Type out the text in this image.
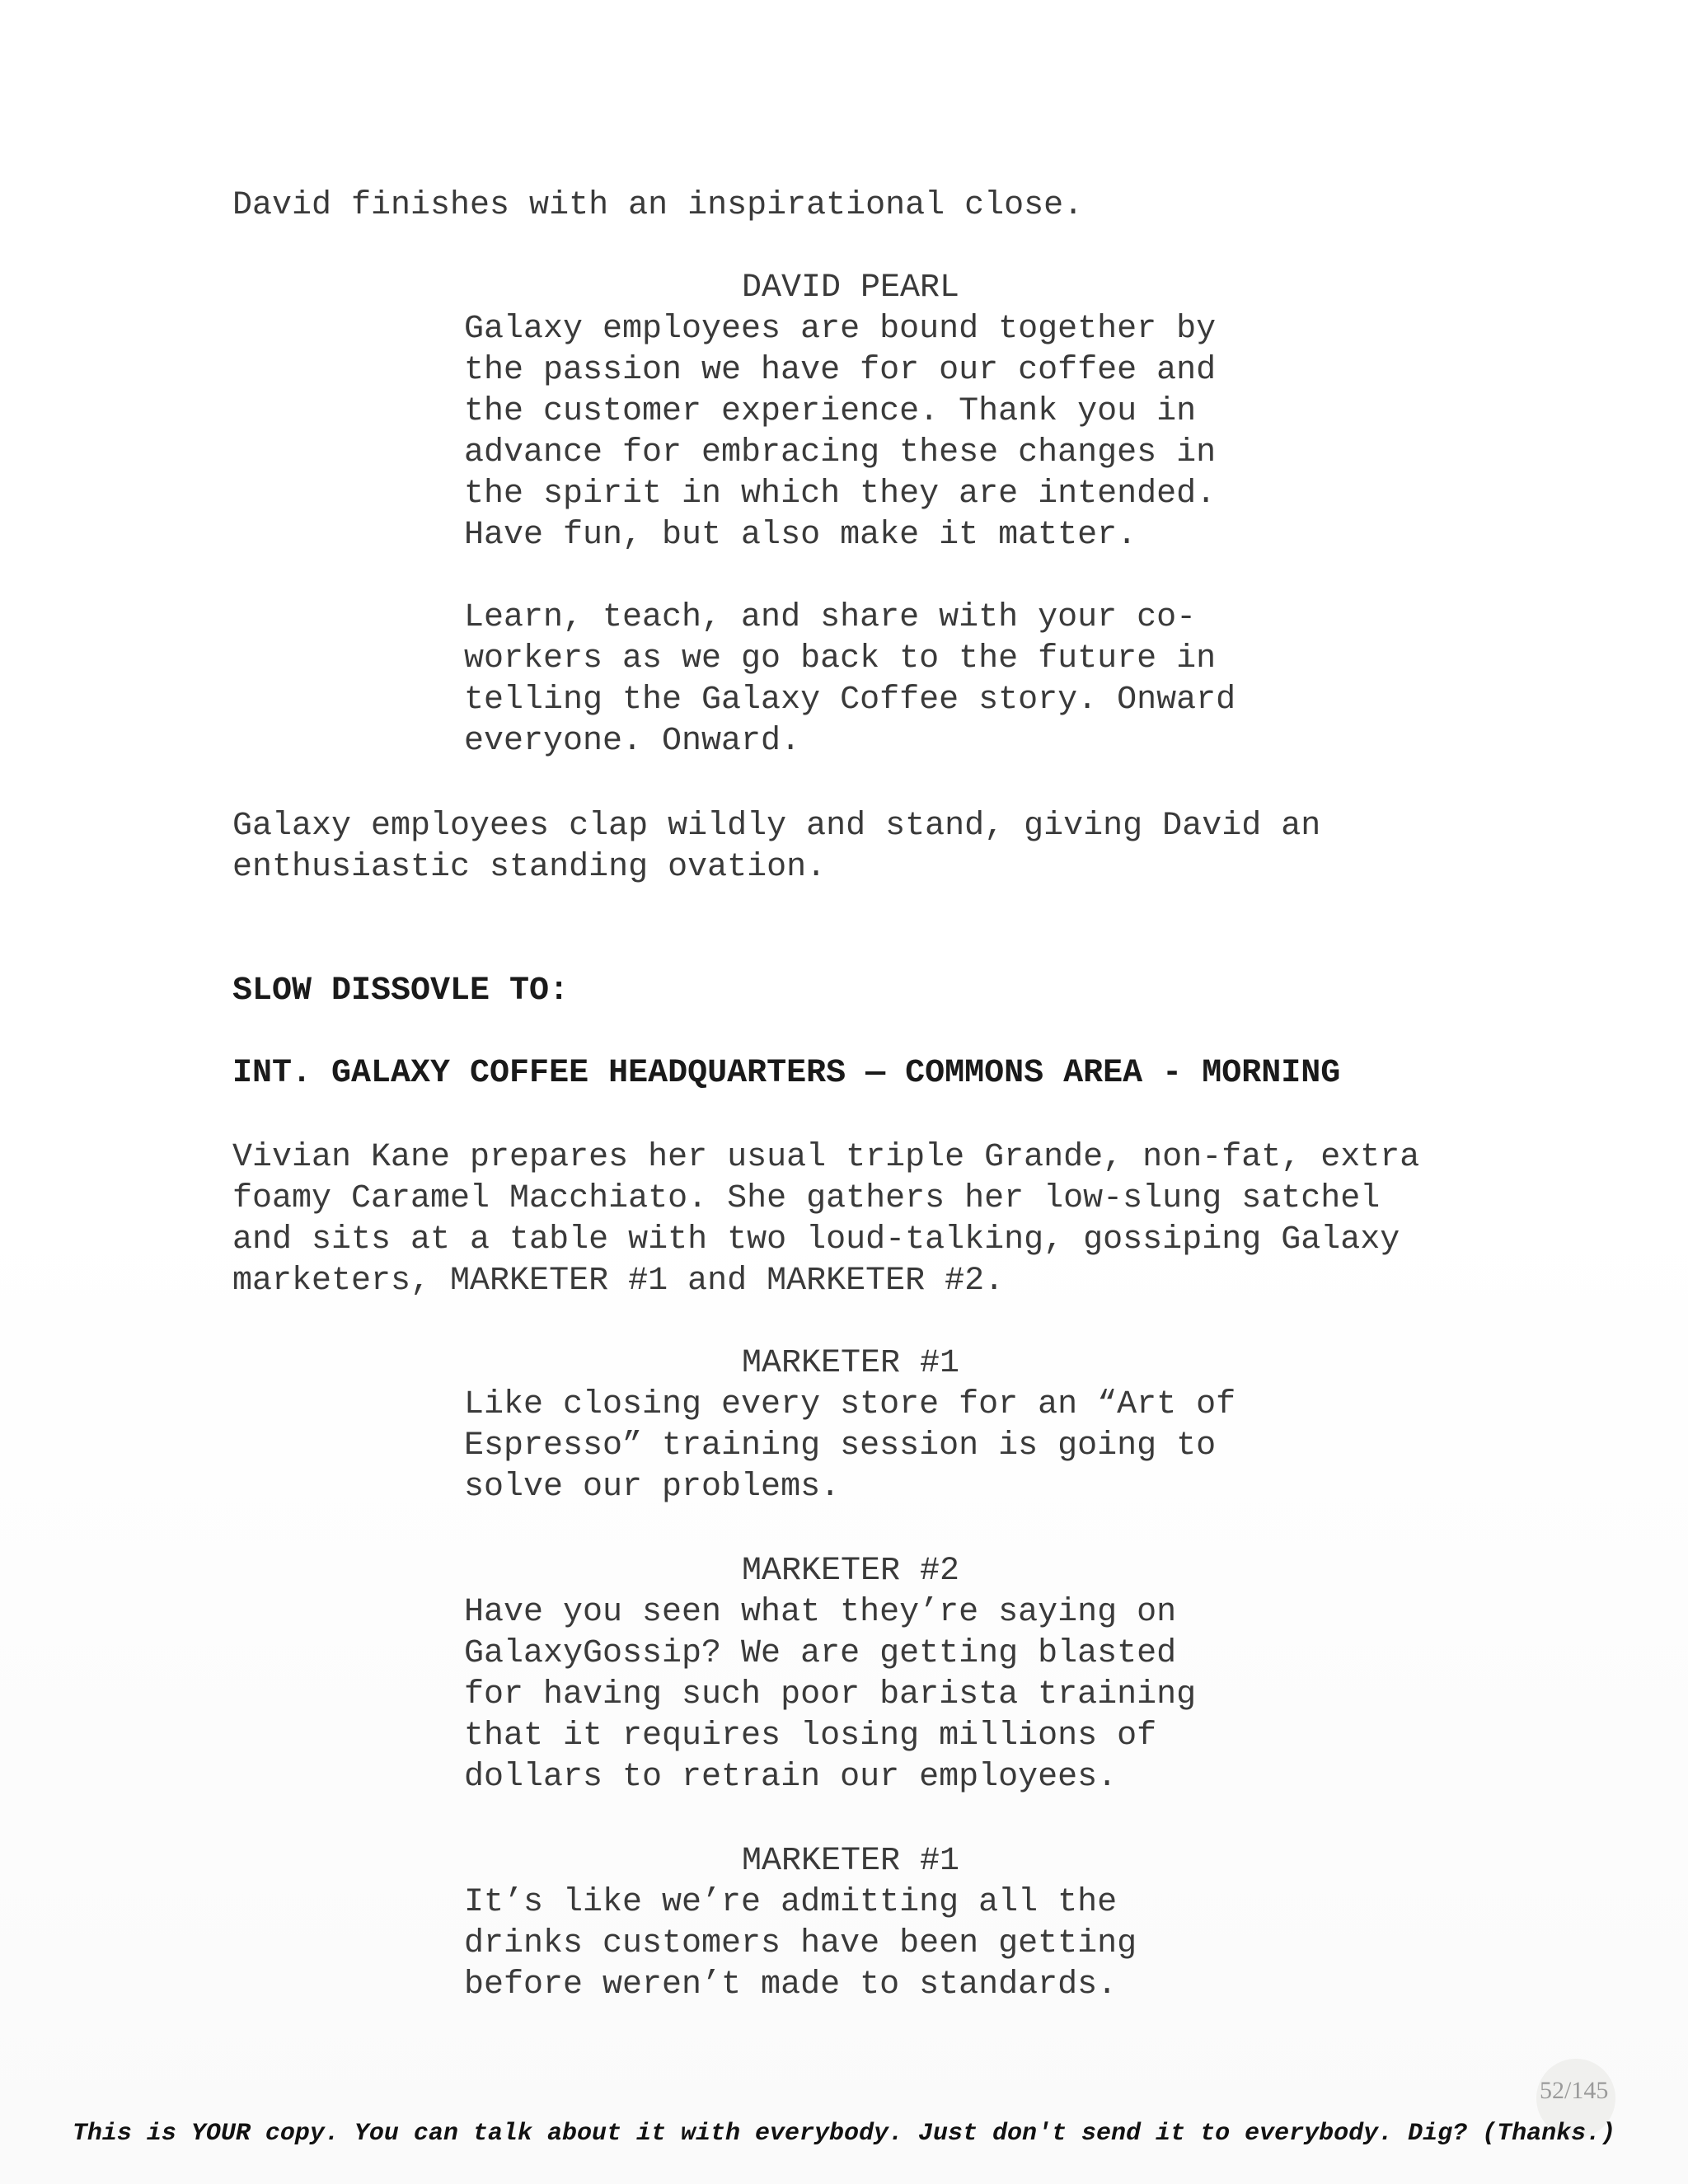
David finishes with an inspirational close.
DAVID PEARL
Galaxy employees are bound together by
the passion we have for our coffee and
the customer experience. Thank you in
advance for embracing these changes in
the spirit in which they are intended.
Have fun, but also make it matter.
Learn, teach, and share with your co-
workers as we go back to the future in
telling the Galaxy Coffee story. Onward
everyone. Onward.
Galaxy employees clap wildly and stand, giving David an
enthusiastic standing ovation.
SLOW DISSOVLE TO:
INT. GALAXY COFFEE HEADQUARTERS — COMMONS AREA - MORNING
Vivian Kane prepares her usual triple Grande, non-fat, extra
foamy Caramel Macchiato. She gathers her low-slung satchel
and sits at a table with two loud-talking, gossiping Galaxy
marketers, MARKETER #1 and MARKETER #2.
MARKETER #1
Like closing every store for an “Art of
Espresso” training session is going to
solve our problems.
MARKETER #2
Have you seen what they’re saying on
GalaxyGossip? We are getting blasted
for having such poor barista training
that it requires losing millions of
dollars to retrain our employees.
MARKETER #1
It’s like we’re admitting all the
drinks customers have been getting
before weren’t made to standards.
52/145
This is YOUR copy. You can talk about it with everybody. Just don't send it to everybody. Dig? (Thanks.)
